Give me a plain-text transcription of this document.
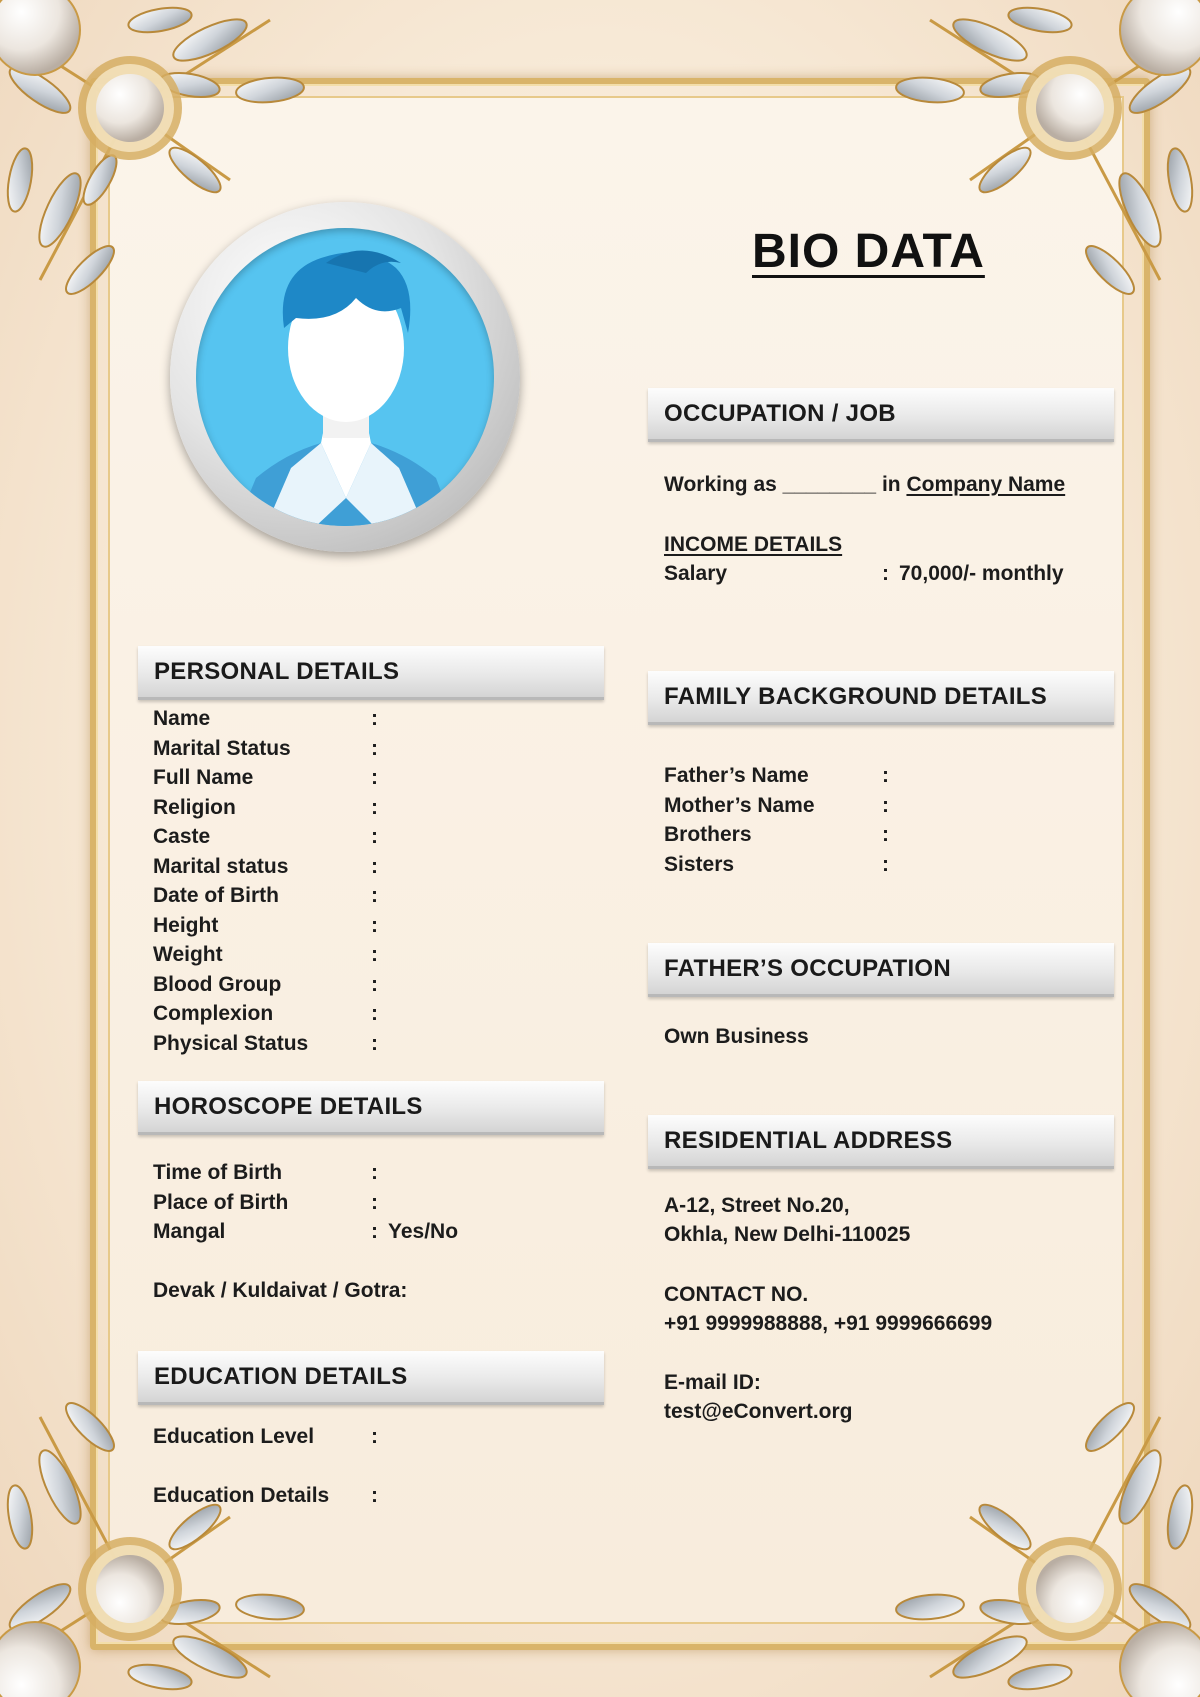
BIO DATA
OCCUPATION / JOB
Working as ________ in Company Name
INCOME DETAILS
Salary	: 70,000/- monthly
PERSONAL DETAILS
Name	:
Marital Status	:
Full Name	:
Religion	:
Caste	:
Marital status	:
Date of Birth	:
Height	:
Weight	:
Blood Group	:
Complexion	:
Physical Status	:
HOROSCOPE DETAILS
Time of Birth	:
Place of Birth	:
Mangal	: Yes/No
Devak / Kuldaivat / Gotra:
EDUCATION DETAILS
Education Level	:
Education Details :
FAMILY BACKGROUND DETAILS
Father’s Name	:
Mother’s Name	:
Brothers	:
Sisters	:
FATHER’S OCCUPATION
Own Business
RESIDENTIAL ADDRESS
A-12, Street No.20,
Okhla, New Delhi-110025
CONTACT NO.
+91 9999988888, +91 9999666699
E-mail ID:
test@eConvert.org
